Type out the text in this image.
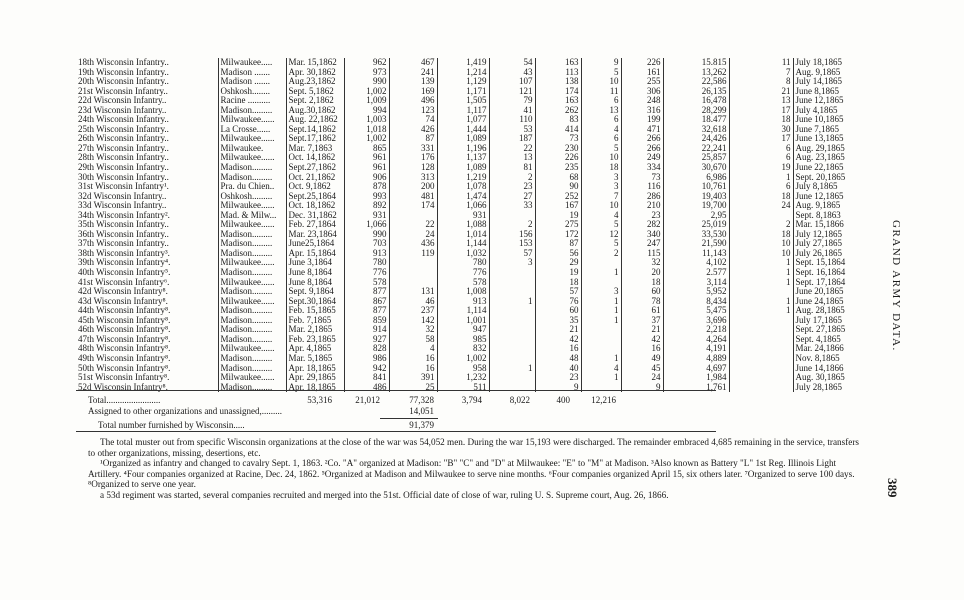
18th Wisconsin Infantry..	Milwaukee.....	Mar. 15,1862	962	467	1,419	54	163	9	226	15.815	11	July 18,1865
19th Wisconsin Infantry..	Madison .......	Apr. 30,1862	973	241	1,214	43	113	5	161	13,262	7	Aug. 9,1865
20th Wisconsin Infantry..	Madison .......	Aug.23,1862	990	139	1,129	107	138	10	255	22,586	8	July 14,1865
21st Wisconsin Infantry..	Oshkosh........	Sept. 5,1862	1,002	169	1,171	121	174	11	306	26,135	21	June 8,1865
22d Wisconsin Infantry..	Racine ..........	Sept. 2,1862	1,009	496	1,505	79	163	6	248	16,478	13	June 12,1865
23d Wisconsin Infantry..	Madison.........	Aug.30,1862	994	123	1,117	41	262	13	316	28,299	17	July 4,1865
24th Wisconsin Infantry..	Milwaukee......	Aug. 22,1862	1,003	74	1,077	110	83	6	199	18.477	18	June 10,1865
25th Wisconsin Infantry..	La Crosse......	Sept.14,1862	1,018	426	1,444	53	414	4	471	32,618	30	June 7,1865
26th Wisconsin Infantry..	Milwaukee......	Sept.17,1862	1,002	87	1,089	187	73	6	266	24,426	17	June 13,1865
27th Wisconsin Infantry..	Milwaukee.	Mar. 7,1863	865	331	1,196	22	230	5	266	22,241	6	Aug. 29,1865
28th Wisconsin Infantry..	Milwaukee......	Oct. 14,1862	961	176	1,137	13	226	10	249	25,857	6	Aug. 23,1865
29th Wisconsin Infantry..	Madison.........	Sept.27,1862	961	128	1,089	81	235	18	334	30,670	19	June 22,1865
30th Wisconsin Infantry..	Madison.........	Oct. 21,1862	906	313	1,219	2	68	3	73	6,986	1	Sept. 20,1865
31st Wisconsin Infantry¹.	Pra. du Chien..	Oct. 9,1862	878	200	1,078	23	90	3	116	10,761	6	July 8,1865
32d Wisconsin Infantry..	Oshkosh.........	Sept.25,1864	993	481	1,474	27	252	7	286	19,403	18	June 12,1865
33d Wisconsin Infantry..	Milwaukee......	Oct. 18,1862	892	174	1,066	33	167	10	210	19,700	24	Aug. 9,1865
34th Wisconsin Infantry².	Mad. & Milw...	Dec. 31,1862	931		931		19	4	23	2,95		Sept. 8,1863
35th Wisconsin Infantry..	Milwaukee......	Feb. 27,1864	1,066	22	1,088	2	275	5	282	25,019	2	Mar. 15,1866
36th Wisconsin Infantry..	Madison.........	Mar. 23,1864	990	24	1,014	156	172	12	340	33,530	18	July 12,1865
37th Wisconsin Infantry..	Madison.........	June25,1864	703	436	1,144	153	87	5	247	21,590	10	July 27,1865
38th Wisconsin Infantry³.	Madison.........	Apr. 15,1864	913	119	1,032	57	56	2	115	11,143	10	July 26,1865
39th Wisconsin Infantry⁴.	Milwaukee......	June 3,1864	780		780	3	29		32	4,102	1	Sept. 15,1864
40th Wisconsin Infantry⁵.	Madison.........	June 8,1864	776		776		19	1	20	2.577	1	Sept. 16,1864
41st Wisconsin Infantry⁶.	Milwaukee......	June 8,1864	578		578		18		18	3,114	1	Sept. 17,1864
42d Wisconsin Infantry⁸.	Madison.........	Sept. 9,1864	877	131	1,008		57	3	60	5,952		June 20,1865
43d Wisconsin Infantry⁸.	Milwaukee......	Sept.30,1864	867	46	913	1	76	1	78	8,434	1	June 24,1865
44th Wisconsin Infantry⁸.	Madison.........	Feb. 15,1865	877	237	1,114		60	1	61	5,475	1	Aug. 28,1865
45th Wisconsin Infantry⁸.	Madison.........	Feb. 7,1865	859	142	1,001		35	1	37	3,696		July 17,1865
46th Wisconsin Infantry⁸.	Madison.........	Mar. 2,1865	914	32	947		21		21	2,218		Sept. 27,1865
47th Wisconsin Infantry⁸.	Madison.........	Feb. 23,1865	927	58	985		42		42	4,264		Sept. 4,1865
48th Wisconsin Infantry⁸.	Milwaukee......	Apr. 4,1865	828	4	832		16		16	4,191		Mar. 24,1866
49th Wisconsin Infantry⁸.	Madison.........	Mar. 5,1865	986	16	1,002		48	1	49	4,889		Nov. 8,1865
50th Wisconsin Infantry⁸.	Madison.........	Apr. 18,1865	942	16	958	1	40	4	45	4,697		June 14,1866
51st Wisconsin Infantry⁸.	Milwaukee......	Apr. 29,1865	841	391	1,232		23	1	24	1,984		Aug. 30,1865
52d Wisconsin Infantry⁸.	Madison.........	Apr. 18,1865	486	25	511		9		9	1,761		July 28,1865
Total........................	53,316	21,012	77,328	3,794	8,022	400	12,216
Assigned to other organizations and unassigned,.........	14,051
Total number furnished by Wisconsin.....	91,379
GRAND ARMY DATA.
389

The total muster out from specific Wisconsin organizations at the close of the war was 54,052 men. During the war 15,193 were discharged. The remainder embraced 4,685 remaining in the service, transfers to other organizations, missing, desertions, etc.

¹Organized as infantry and changed to cavalry Sept. 1, 1863. ²Co. "A" organized at Madison: "B" "C" and "D" at Milwaukee: "E" to "M" at Madison. ³Also known as Battery "L" 1st Reg. Illinois Light Artillery. ⁴Four companies organized at Racine, Dec. 24, 1862. ⁵Organized at Madison and Milwaukee to serve nine months. ⁶Four companies organized April 15, six others later. ⁷Organized to serve 100 days. ⁸Organized to serve one year.

a 53d regiment was started, several companies recruited and merged into the 51st. Official date of close of war, ruling U. S. Supreme court, Aug. 26, 1866.
